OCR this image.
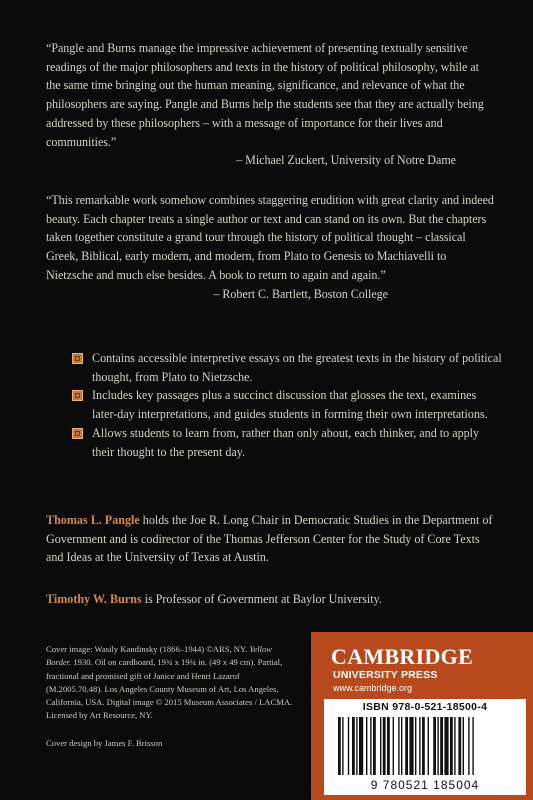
“Pangle and Burns manage the impressive achievement of presenting textually sensitive readings of the major philosophers and texts in the history of political philosophy, while at the same time bringing out the human meaning, significance, and relevance of what the philosophers are saying. Pangle and Burns help the students see that they are actually being addressed by these philosophers – with a message of importance for their lives and communities.”
– Michael Zuckert, University of Notre Dame
“This remarkable work somehow combines staggering erudition with great clarity and indeed beauty. Each chapter treats a single author or text and can stand on its own. But the chapters taken together constitute a grand tour through the history of political thought – classical Greek, Biblical, early modern, and modern, from Plato to Genesis to Machiavelli to Nietzsche and much else besides. A book to return to again and again.”
– Robert C. Bartlett, Boston College
Contains accessible interpretive essays on the greatest texts in the history of political thought, from Plato to Nietzsche.
Includes key passages plus a succinct discussion that glosses the text, examines later-day interpretations, and guides students in forming their own interpretations.
Allows students to learn from, rather than only about, each thinker, and to apply their thought to the present day.
Thomas L. Pangle holds the Joe R. Long Chair in Democratic Studies in the Department of Government and is codirector of the Thomas Jefferson Center for the Study of Core Texts and Ideas at the University of Texas at Austin.
Timothy W. Burns is Professor of Government at Baylor University.
Cover image: Wasily Kandinsky (1866–1944) ©ARS, NY. Yellow Border. 1930. Oil on cardboard, 19¾ x 19¾ in. (49 x 49 cm). Partial, fractional and promised gift of Janice and Henri Lazarof (M.2005.70.48). Los Angeles County Museum of Art, Los Angeles, California, USA. Digital image © 2015 Museum Associates / LACMA. Licensed by Art Resource, NY.
Cover design by James F. Brisson
CAMBRIDGE
UNIVERSITY PRESS
www.cambridge.org
ISBN 978-0-521-18500-4
9 780521 185004
